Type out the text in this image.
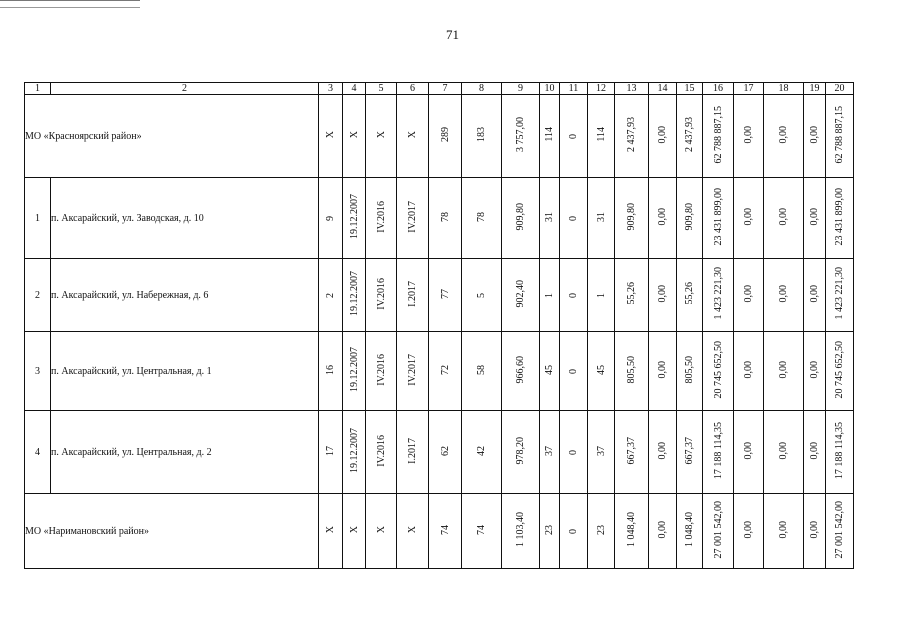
71
1	2	3	4	5	6	7	8	9	10	11	12	13	14	15	16	17	18	19	20
МО «Красноярский район»		X	X	X	X	289	183	3 757,00	114	0	114	2 437,93	0,00	2 437,93	62 788 887,15	0,00	0,00	0,00	62 788 887,15
1	п. Аксарайский, ул. Заводская, д. 10	9	19.12.2007	IV.2016	IV.2017	78	78	909,80	31	0	31	909,80	0,00	909,80	23 431 899,00	0,00	0,00	0,00	23 431 899,00
2	п. Аксарайский, ул. Набережная, д. 6	2	19.12.2007	IV.2016	I.2017	77	5	902,40	1	0	1	55,26	0,00	55,26	1 423 221,30	0,00	0,00	0,00	1 423 221,30
3	п. Аксарайский, ул. Центральная, д. 1	16	19.12.2007	IV.2016	IV.2017	72	58	966,60	45	0	45	805,50	0,00	805,50	20 745 652,50	0,00	0,00	0,00	20 745 652,50
4	п. Аксарайский, ул. Центральная, д. 2	17	19.12.2007	IV.2016	I.2017	62	42	978,20	37	0	37	667,37	0,00	667,37	17 188 114,35	0,00	0,00	0,00	17 188 114,35
МО «Наримановский район»		X	X	X	X	74	74	1 103,40	23	0	23	1 048,40	0,00	1 048,40	27 001 542,00	0,00	0,00	0,00	27 001 542,00
